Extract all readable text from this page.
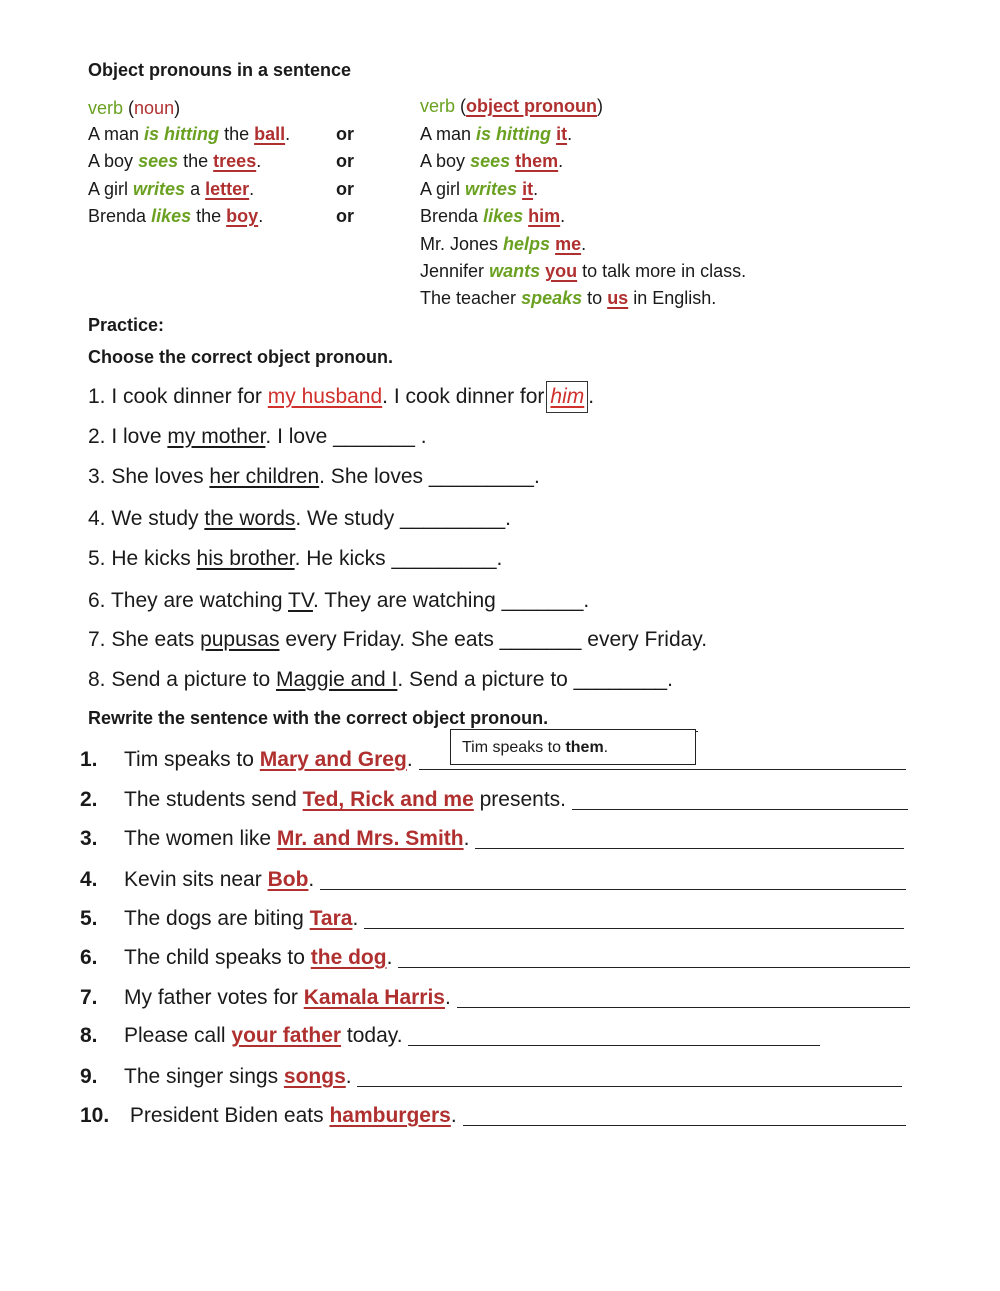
Object pronouns in a sentence
verb (noun)	verb (object pronoun)
A man is hitting the ball.
A boy sees the trees.
A girl writes a letter.
Brenda likes the boy.
or
or
or
or
A man is hitting it.
A boy sees them.
A girl writes it.
Brenda likes him.
Mr. Jones helps me.
Jennifer wants you to talk more in class.
The teacher speaks to us in English.
Practice:
Choose the correct object pronoun.
1. I cook dinner for my husband. I cook dinner for him .
2. I love my mother. I love _______ .
3. She loves her children. She loves _________.
4. We study the words. We study _________.
5. He kicks his brother. He kicks _________.
6. They are watching TV. They are watching _______.
7. She eats pupusas every Friday. She eats _______ every Friday.
8. Send a picture to Maggie and I. Send a picture to ________.
Rewrite the sentence with the correct object pronoun.
1. Tim speaks to Mary and Greg.
2. The students send Ted, Rick and me presents.
3. The women like Mr. and Mrs. Smith.
4. Kevin sits near Bob.
5. The dogs are biting Tara.
6. The child speaks to the dog.
7. My father votes for Kamala Harris.
8. Please call your father today.
9. The singer sings songs.
10. President Biden eats hamburgers.
Tim speaks to them.
